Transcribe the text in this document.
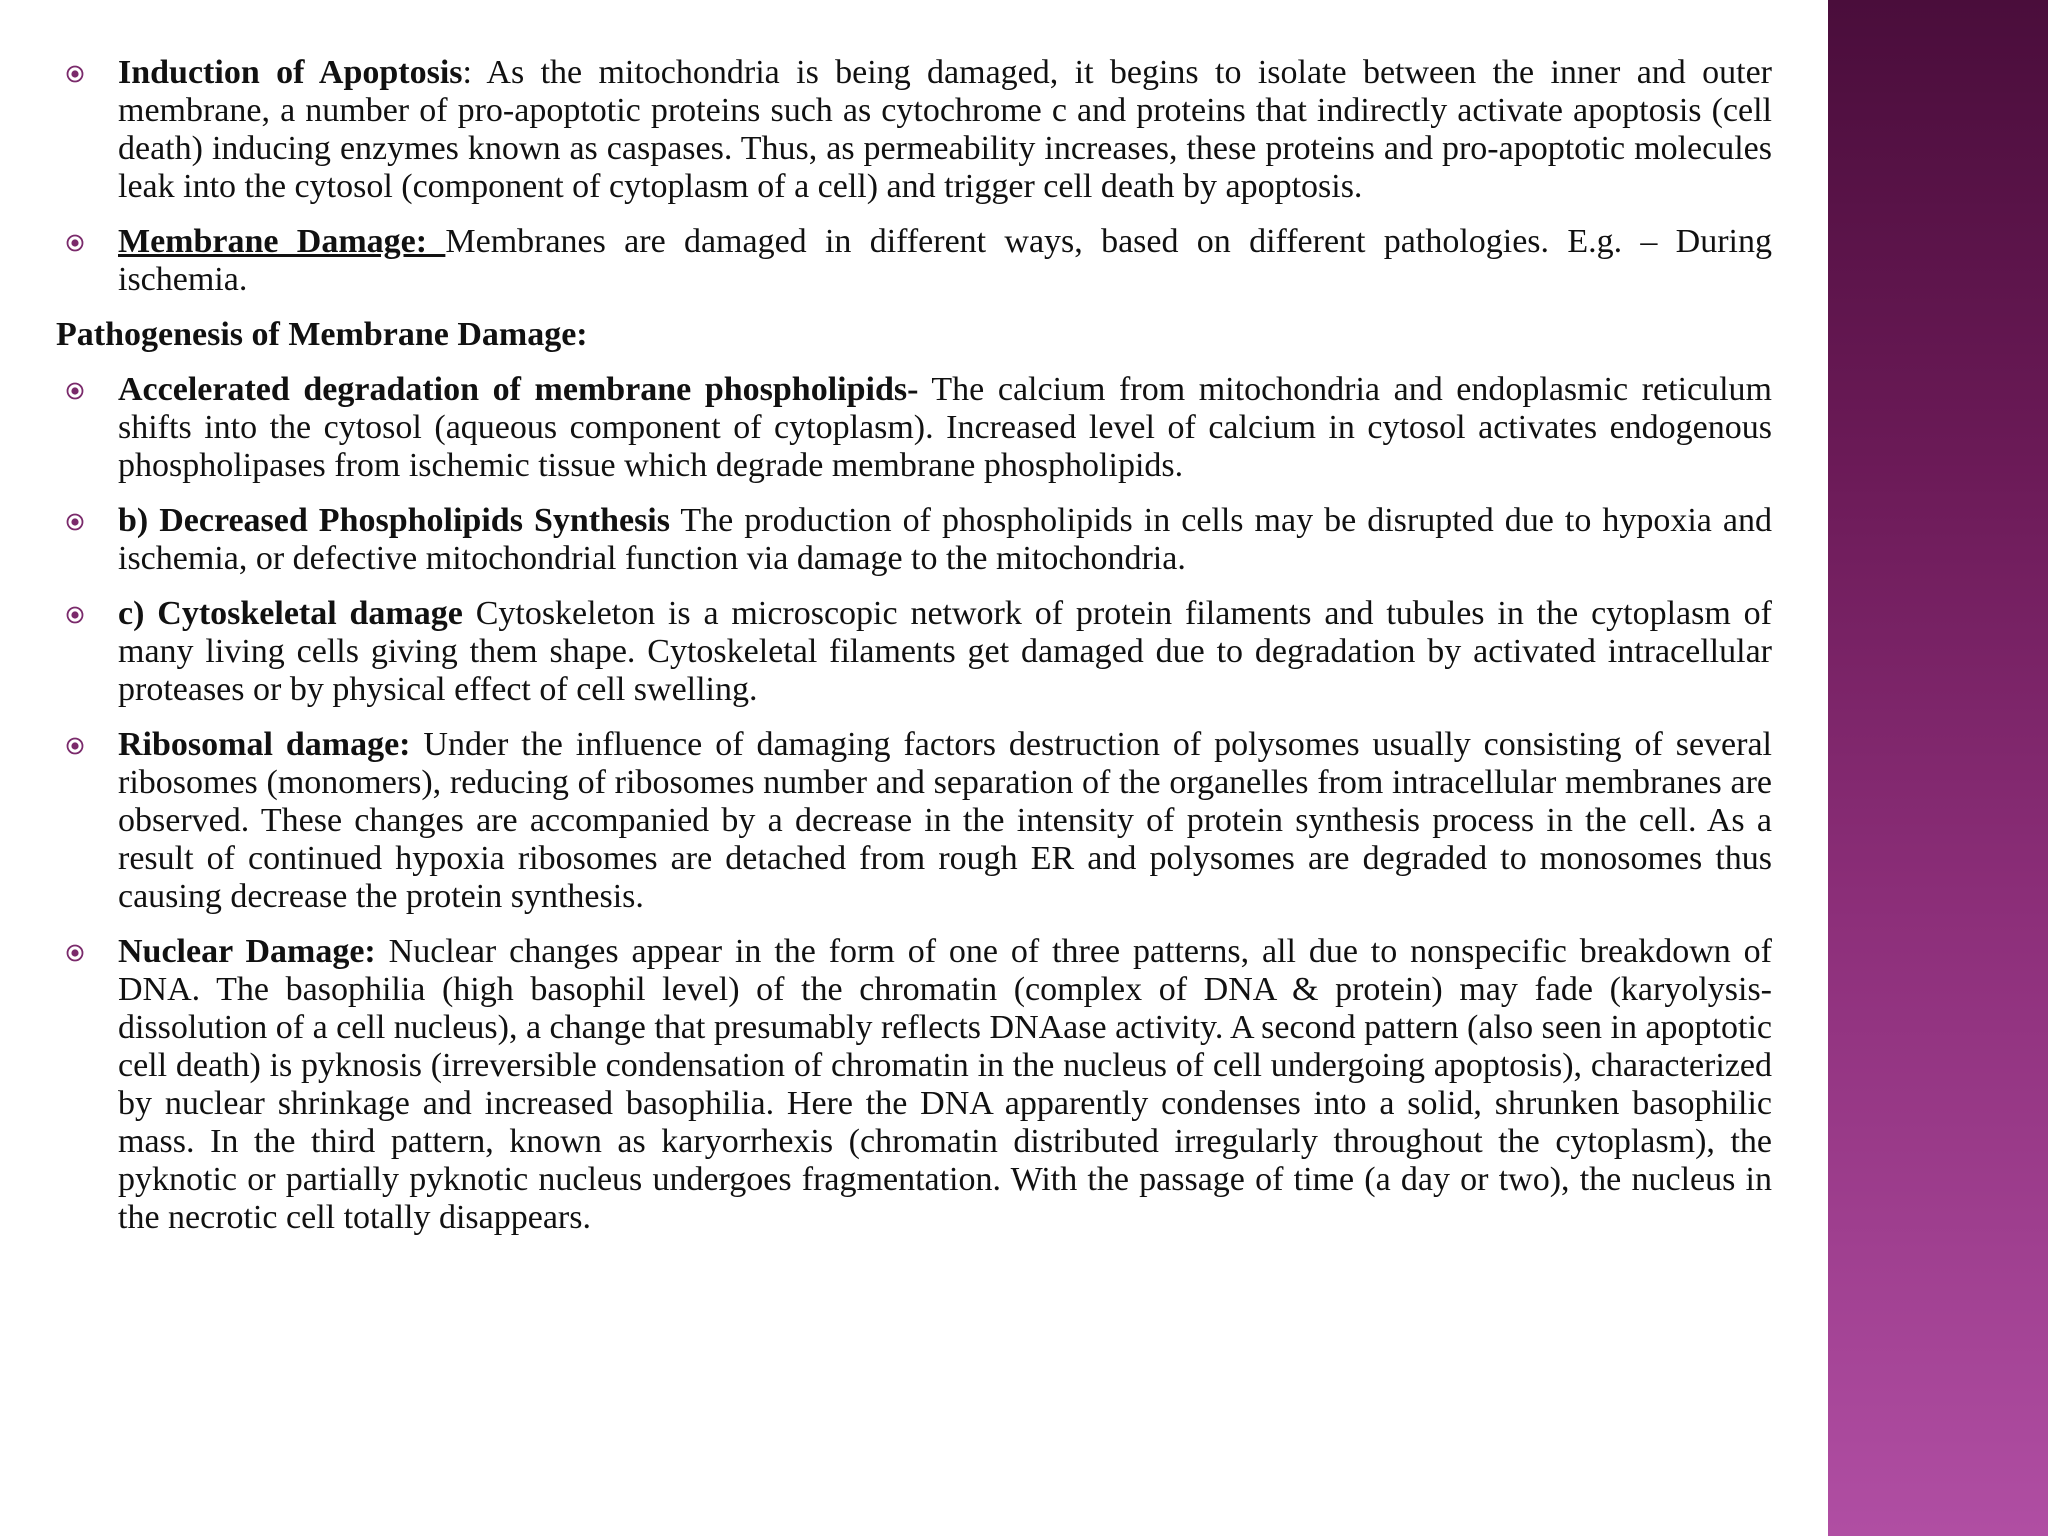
Induction of Apoptosis: As the mitochondria is being damaged, it begins to isolate between the inner and outer membrane, a number of pro-apoptotic proteins such as cytochrome c and proteins that indirectly activate apoptosis (cell death) inducing enzymes known as caspases. Thus, as permeability increases, these proteins and pro-apoptotic molecules leak into the cytosol (component of cytoplasm of a cell) and trigger cell death by apoptosis.
Membrane Damage: Membranes are damaged in different ways, based on different pathologies. E.g. – During ischemia.
Pathogenesis of Membrane Damage:
Accelerated degradation of membrane phospholipids- The calcium from mitochondria and endoplasmic reticulum shifts into the cytosol (aqueous component of cytoplasm). Increased level of calcium in cytosol activates endogenous phospholipases from ischemic tissue which degrade membrane phospholipids.
b) Decreased Phospholipids Synthesis The production of phospholipids in cells may be disrupted due to hypoxia and ischemia, or defective mitochondrial function via damage to the mitochondria.
c) Cytoskeletal damage Cytoskeleton is a microscopic network of protein filaments and tubules in the cytoplasm of many living cells giving them shape. Cytoskeletal filaments get damaged due to degradation by activated intracellular proteases or by physical effect of cell swelling.
Ribosomal damage: Under the influence of damaging factors destruction of polysomes usually consisting of several ribosomes (monomers), reducing of ribosomes number and separation of the organelles from intracellular membranes are observed. These changes are accompanied by a decrease in the intensity of protein synthesis process in the cell. As a result of continued hypoxia ribosomes are detached from rough ER and polysomes are degraded to monosomes thus causing decrease the protein synthesis.
Nuclear Damage: Nuclear changes appear in the form of one of three patterns, all due to nonspecific breakdown of DNA. The basophilia (high basophil level) of the chromatin (complex of DNA & protein) may fade (karyolysis- dissolution of a cell nucleus), a change that presumably reflects DNAase activity. A second pattern (also seen in apoptotic cell death) is pyknosis (irreversible condensation of chromatin in the nucleus of cell undergoing apoptosis), characterized by nuclear shrinkage and increased basophilia. Here the DNA apparently condenses into a solid, shrunken basophilic mass. In the third pattern, known as karyorrhexis (chromatin distributed irregularly throughout the cytoplasm), the pyknotic or partially pyknotic nucleus undergoes fragmentation. With the passage of time (a day or two), the nucleus in the necrotic cell totally disappears.
